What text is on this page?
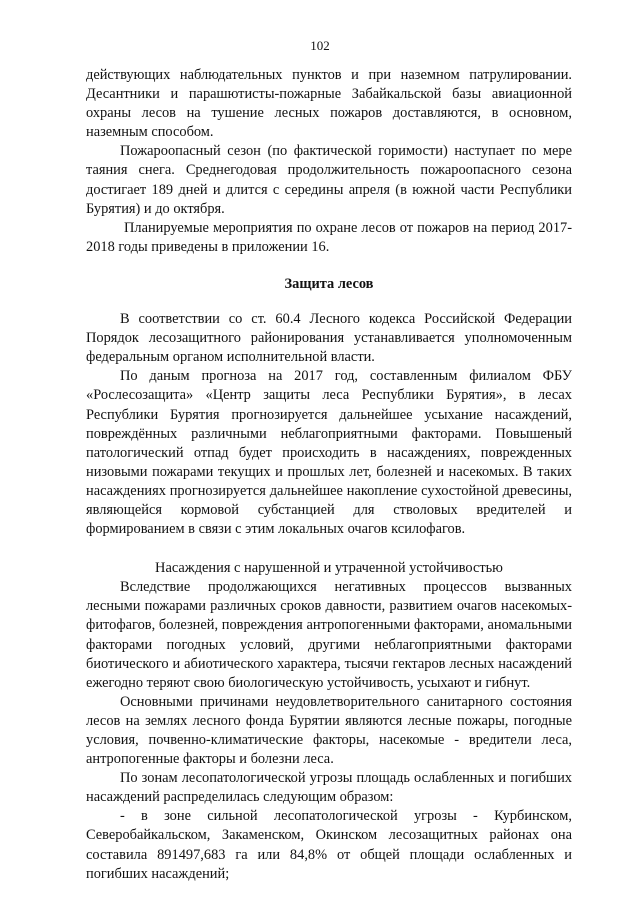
102

действующих наблюдательных пунктов и при наземном патрулировании. Десантники и парашютисты-пожарные Забайкальской базы авиационной охраны лесов на тушение лесных пожаров доставляются, в основном, наземным способом.

Пожароопасный сезон (по фактической горимости) наступает по мере таяния снега. Среднегодовая продолжительность пожароопасного сезона достигает 189 дней и длится с середины апреля (в южной части Республики Бурятия) и до октября.

Планируемые мероприятия по охране лесов от пожаров на период 2017-2018 годы приведены в приложении 16.

Защита лесов

В соответствии со ст. 60.4 Лесного кодекса Российской Федерации Порядок лесозащитного районирования устанавливается уполномоченным федеральным органом исполнительной власти.

По даным прогноза на 2017 год, составленным филиалом ФБУ «Рослесозащита» «Центр защиты леса Республики Бурятия», в лесах Республики Бурятия прогнозируется дальнейшее усыхание насаждений, повреждённых различными неблагоприятными факторами. Повышеный патологический отпад будет происходить в насаждениях, поврежденных низовыми пожарами текущих и прошлых лет, болезней и насекомых. В таких насаждениях прогнозируется дальнейшее накопление сухостойной древесины, являющейся кормовой субстанцией для стволовых вредителей и формированием в связи с этим локальных очагов ксилофагов.

Насаждения с нарушенной и утраченной устойчивостью

Вследствие продолжающихся негативных процессов вызванных лесными пожарами различных сроков давности, развитием очагов насекомых-фитофагов, болезней, повреждения антропогенными факторами, аномальными факторами погодных условий, другими неблагоприятными факторами биотического и абиотического характера, тысячи гектаров лесных насаждений ежегодно теряют свою биологическую устойчивость, усыхают и гибнут.

Основными причинами неудовлетворительного санитарного состояния лесов на землях лесного фонда Бурятии являются лесные пожары, погодные условия, почвенно-климатические факторы, насекомые - вредители леса, антропогенные факторы и болезни леса.

По зонам лесопатологической угрозы площадь ослабленных и погибших насаждений распределилась следующим образом:

- в зоне сильной лесопатологической угрозы - Курбинском, Северобайкальском, Закаменском, Окинском лесозащитных районах она составила 891497,683 га или 84,8% от общей площади ослабленных и погибших насаждений;
